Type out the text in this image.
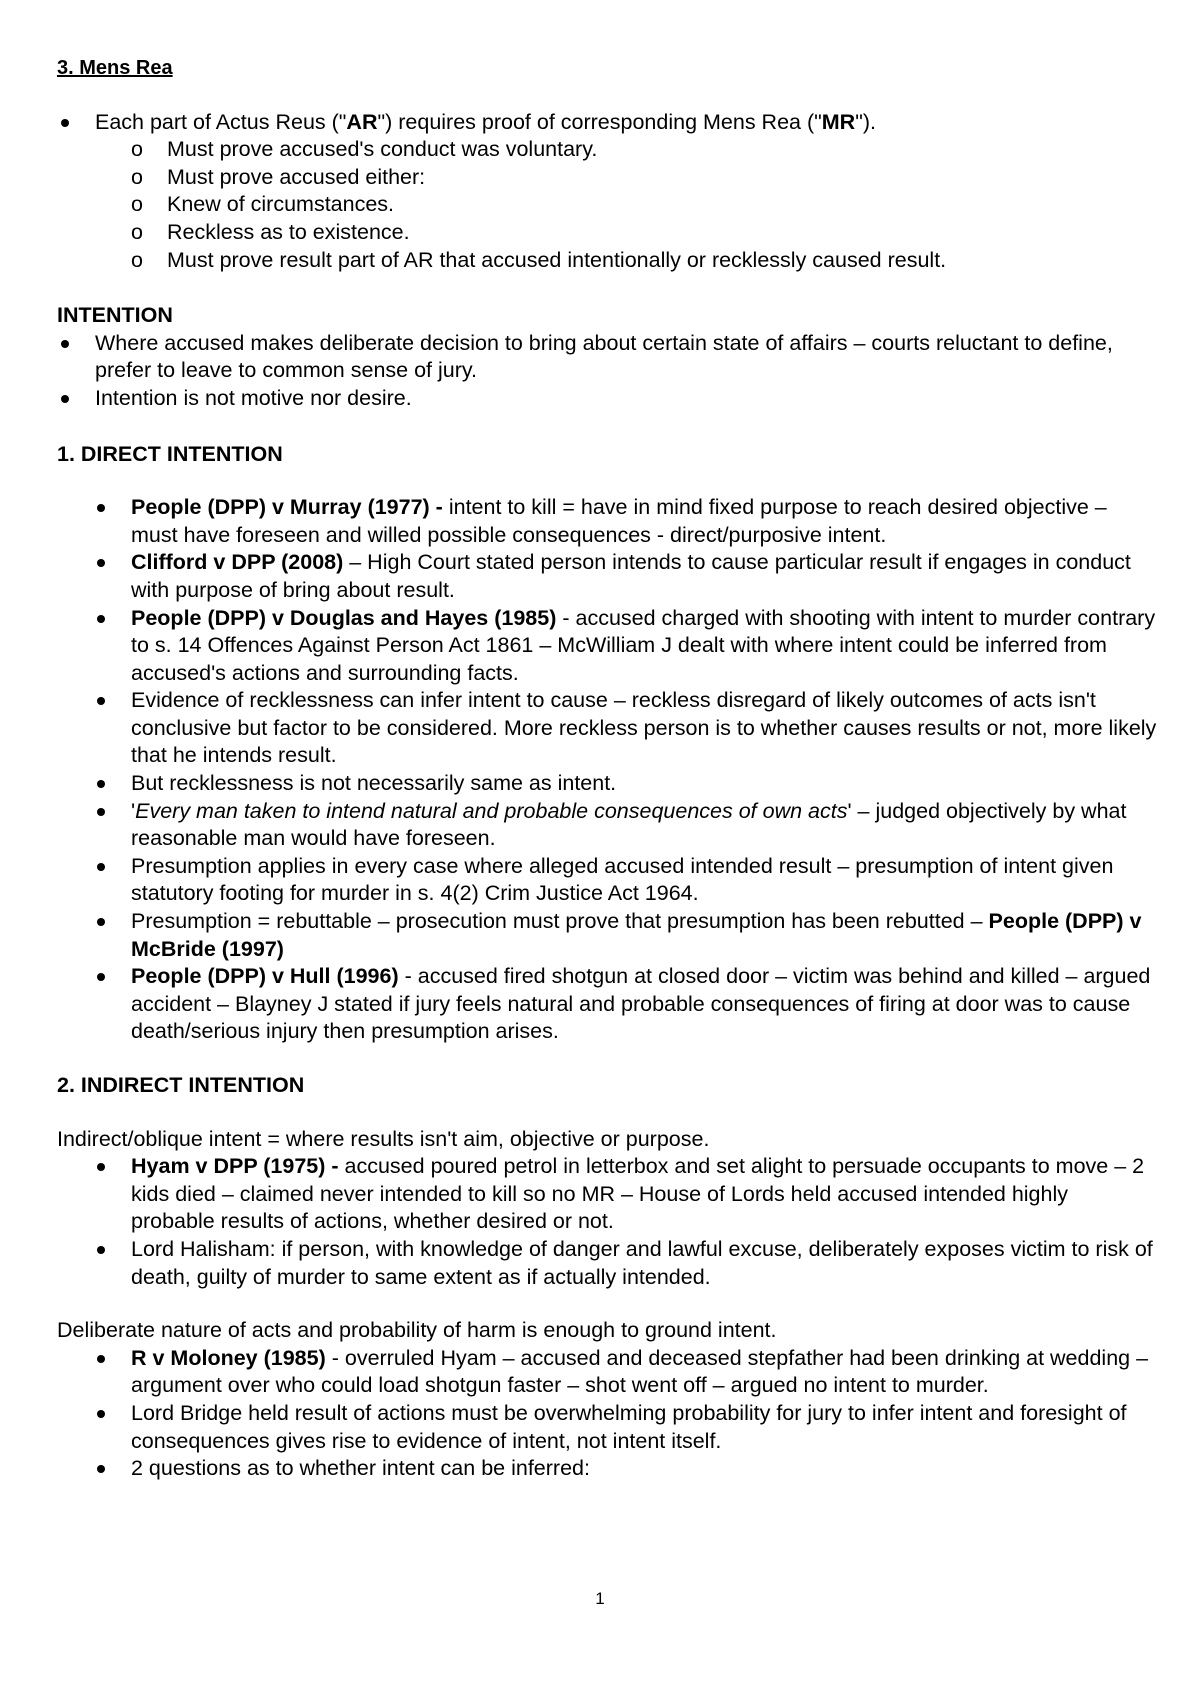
3. Mens Rea
Each part of Actus Reus ("AR") requires proof of corresponding Mens Rea ("MR").
o Must prove accused's conduct was voluntary.
o Must prove accused either:
o Knew of circumstances.
o Reckless as to existence.
o Must prove result part of AR that accused intentionally or recklessly caused result.
INTENTION
Where accused makes deliberate decision to bring about certain state of affairs – courts reluctant to define, prefer to leave to common sense of jury.
Intention is not motive nor desire.
1. DIRECT INTENTION
People (DPP) v Murray (1977) - intent to kill = have in mind fixed purpose to reach desired objective – must have foreseen and willed possible consequences - direct/purposive intent.
Clifford v DPP (2008) – High Court stated person intends to cause particular result if engages in conduct with purpose of bring about result.
People (DPP) v Douglas and Hayes (1985) - accused charged with shooting with intent to murder contrary to s. 14 Offences Against Person Act 1861 – McWilliam J dealt with where intent could be inferred from accused's actions and surrounding facts.
Evidence of recklessness can infer intent to cause – reckless disregard of likely outcomes of acts isn't conclusive but factor to be considered. More reckless person is to whether causes results or not, more likely that he intends result.
But recklessness is not necessarily same as intent.
'Every man taken to intend natural and probable consequences of own acts' – judged objectively by what reasonable man would have foreseen.
Presumption applies in every case where alleged accused intended result – presumption of intent given statutory footing for murder in s. 4(2) Crim Justice Act 1964.
Presumption = rebuttable – prosecution must prove that presumption has been rebutted – People (DPP) v McBride (1997)
People (DPP) v Hull (1996) - accused fired shotgun at closed door – victim was behind and killed – argued accident – Blayney J stated if jury feels natural and probable consequences of firing at door was to cause death/serious injury then presumption arises.
2. INDIRECT INTENTION
Indirect/oblique intent = where results isn't aim, objective or purpose.
Hyam v DPP (1975) - accused poured petrol in letterbox and set alight to persuade occupants to move – 2 kids died – claimed never intended to kill so no MR – House of Lords held accused intended highly probable results of actions, whether desired or not.
Lord Halisham: if person, with knowledge of danger and lawful excuse, deliberately exposes victim to risk of death, guilty of murder to same extent as if actually intended.
Deliberate nature of acts and probability of harm is enough to ground intent.
R v Moloney (1985) - overruled Hyam – accused and deceased stepfather had been drinking at wedding – argument over who could load shotgun faster – shot went off – argued no intent to murder.
Lord Bridge held result of actions must be overwhelming probability for jury to infer intent and foresight of consequences gives rise to evidence of intent, not intent itself.
2 questions as to whether intent can be inferred:
1
